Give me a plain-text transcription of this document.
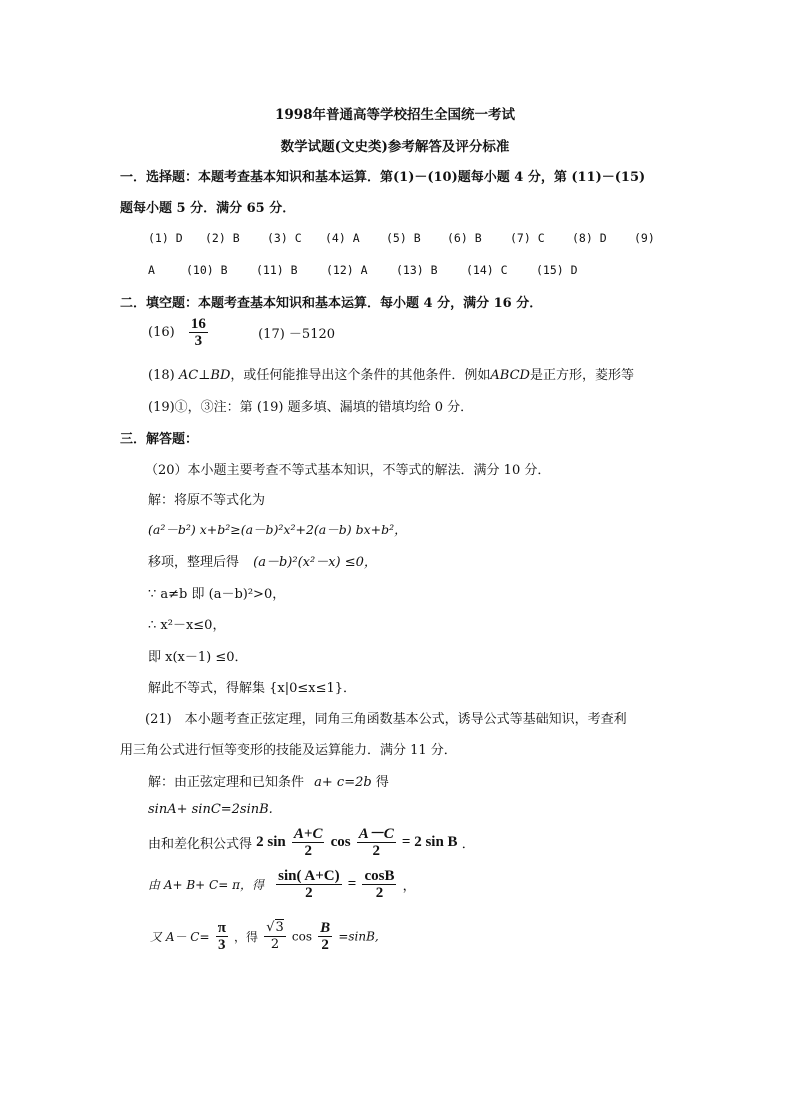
1998年普通高等学校招生全国统一考试
数学试题(文史类)参考解答及评分标准
一．选择题：本题考查基本知识和基本运算．第(1)－(10)题每小题 4 分，第 (11)－(15)
题每小题 5 分．满分 65 分．
(1) D (2) B (3) C (4) A (5) B (6) B (7) C (8) D (9)
A	(10) B (11) B (12) A (13) B (14) C (15) D
二．填空题：本题考查基本知识和基本运算．每小题 4 分，满分 16 分．
$(16) \frac{16}{3}$	(17) －5120
(18) AC⊥BD，或任何能推导出这个条件的其他条件．例如ABCD是正方形，菱形等
(19)①，③注：第 (19) 题多填、漏填的错填均给 0 分．
三．解答题：
（20）本小题主要考查不等式基本知识，不等式的解法．满分 10 分．
解：将原不等式化为
(a²－b²) x+b²≥(a－b)²x²+2(a－b) bx+b²，
移项，整理后得 (a－b)²(x²－x) ≤0，
∵ a≠b 即 (a－b)²>0，
∴ x²－x≤0，
即 x(x－1) ≤0．
解此不等式，得解集 {x|0≤x≤1}．
(21)　本小题考查正弦定理，同角三角函数基本公式，诱导公式等基础知识，考查利
用三角公式进行恒等变形的技能及运算能力．满分 11 分．
解：由正弦定理和已知条件 a+ c=2b 得
sinA+ sinC=2sinB.
由和差化积公式得 2 $\sin \frac{A+C}{2}$ $\cos \frac{A-C}{2} = 2$ sin B ．
由 A+ B+ C= π，得 $\frac{\sin( A+C)}{2} = \frac{\cos B}{2}$ ，
又 $A- C= \frac{\pi}{3}$ ，得 $\frac{√3}{2}$ $\cos \frac{B}{2} =\sin B$,
